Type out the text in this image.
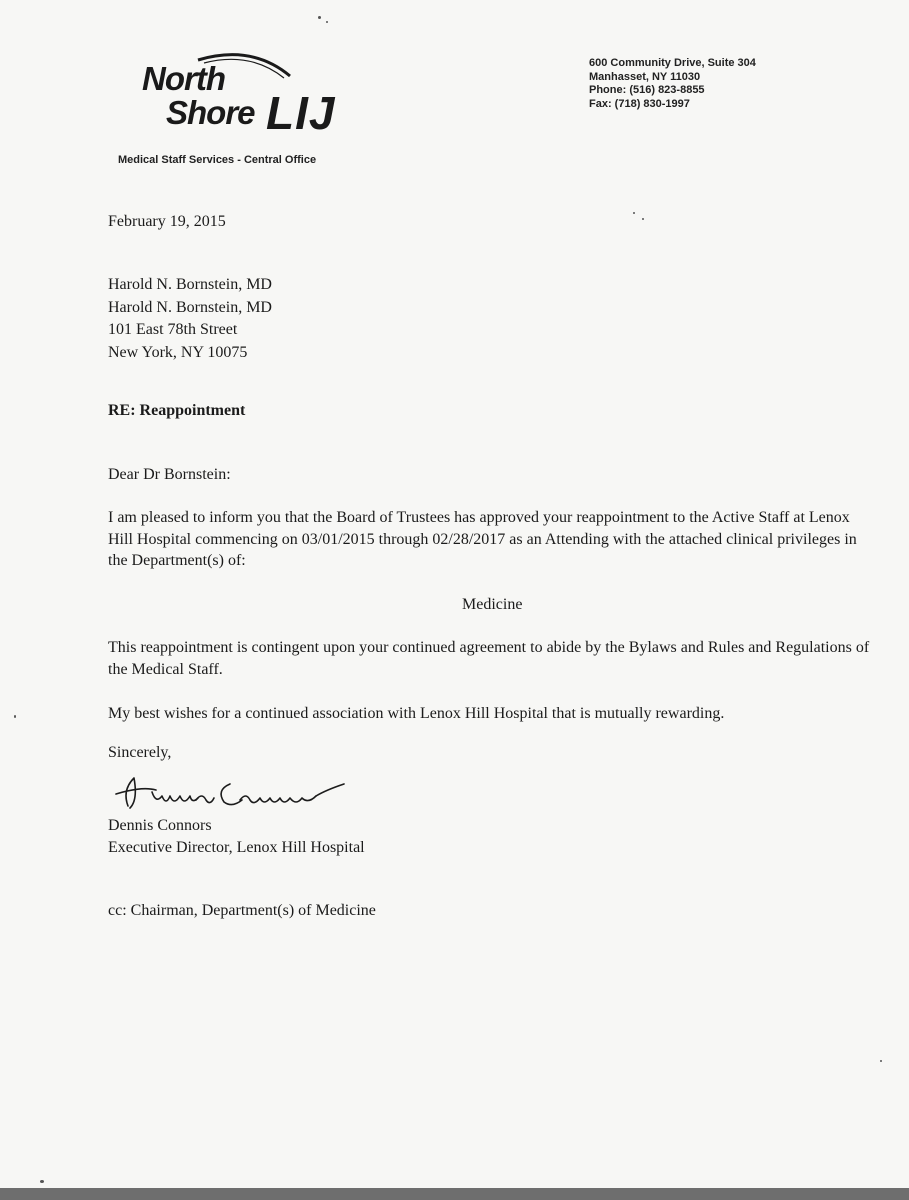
North
Shore LIJ
Medical Staff Services - Central Office
600 Community Drive, Suite 304
Manhasset, NY 11030
Phone: (516) 823-8855
Fax: (718) 830-1997
February 19, 2015
Harold N. Bornstein, MD
Harold N. Bornstein, MD
101 East 78th Street
New York, NY 10075
RE: Reappointment
Dear Dr Bornstein:
I am pleased to inform you that the Board of Trustees has approved your reappointment to the Active Staff at Lenox Hill Hospital commencing on 03/01/2015 through 02/28/2017 as an Attending with the attached clinical privileges in the Department(s) of:
Medicine
This reappointment is contingent upon your continued agreement to abide by the Bylaws and Rules and Regulations of the Medical Staff.
My best wishes for a continued association with Lenox Hill Hospital that is mutually rewarding.
Sincerely,
Dennis Connors
Executive Director, Lenox Hill Hospital
cc: Chairman, Department(s) of Medicine
